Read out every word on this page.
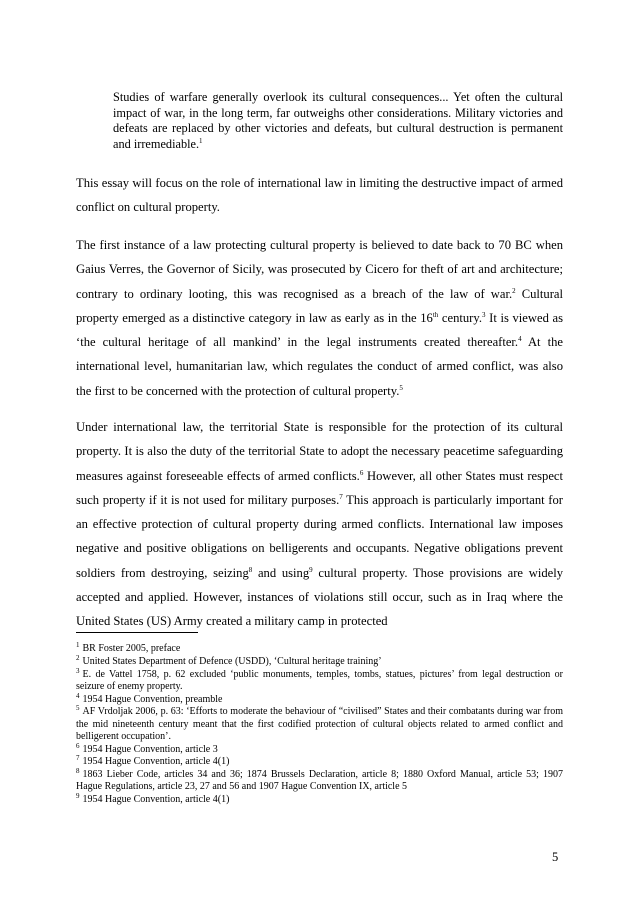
Studies of warfare generally overlook its cultural consequences... Yet often the cultural impact of war, in the long term, far outweighs other considerations. Military victories and defeats are replaced by other victories and defeats, but cultural destruction is permanent and irremediable.$^1$
This essay will focus on the role of international law in limiting the destructive impact of armed conflict on cultural property.
The first instance of a law protecting cultural property is believed to date back to 70 BC when Gaius Verres, the Governor of Sicily, was prosecuted by Cicero for theft of art and architecture; contrary to ordinary looting, this was recognised as a breach of the law of war.$^2$ Cultural property emerged as a distinctive category in law as early as in the 16th century.$^3$ It is viewed as ‘the cultural heritage of all mankind’ in the legal instruments created thereafter.$^4$ At the international level, humanitarian law, which regulates the conduct of armed conflict, was also the first to be concerned with the protection of cultural property.$^5$
Under international law, the territorial State is responsible for the protection of its cultural property. It is also the duty of the territorial State to adopt the necessary peacetime safeguarding measures against foreseeable effects of armed conflicts.$^6$ However, all other States must respect such property if it is not used for military purposes.$^7$ This approach is particularly important for an effective protection of cultural property during armed conflicts. International law imposes negative and positive obligations on belligerents and occupants. Negative obligations prevent soldiers from destroying, seizing$^8$ and using$^9$ cultural property. Those provisions are widely accepted and applied. However, instances of violations still occur, such as in Iraq where the United States (US) Army created a military camp in protected
$^1$ BR Foster 2005, preface
$^2$ United States Department of Defence (USDD), ‘Cultural heritage training’
$^3$ E. de Vattel 1758, p. 62 excluded ‘public monuments, temples, tombs, statues, pictures’ from legal destruction or seizure of enemy property.
$^4$ 1954 Hague Convention, preamble
$^5$ AF Vrdoljak 2006, p. 63: ‘Efforts to moderate the behaviour of “civilised” States and their combatants during war from the mid nineteenth century meant that the first codified protection of cultural objects related to armed conflict and belligerent occupation’.
$^6$ 1954 Hague Convention, article 3
$^7$ 1954 Hague Convention, article 4(1)
$^8$ 1863 Lieber Code, articles 34 and 36; 1874 Brussels Declaration, article 8; 1880 Oxford Manual, article 53; 1907 Hague Regulations, article 23, 27 and 56 and 1907 Hague Convention IX, article 5
$^9$ 1954 Hague Convention, article 4(1)
5
